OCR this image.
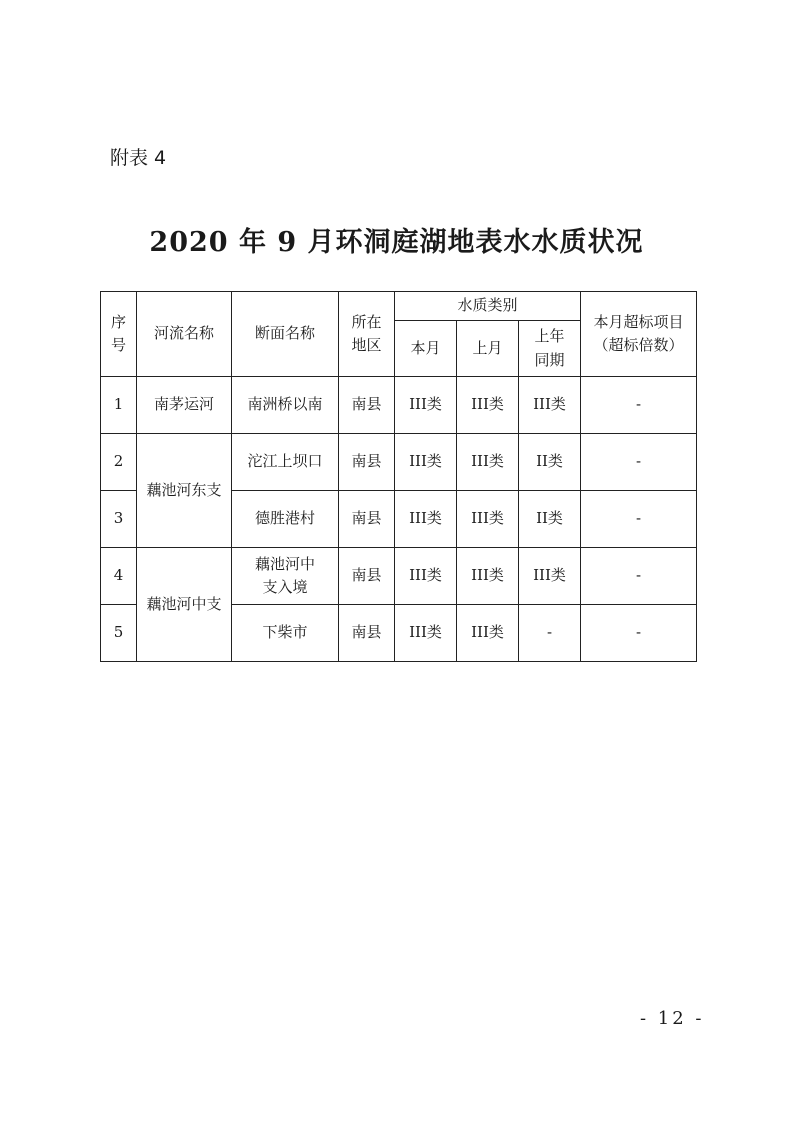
附表 4
2020 年 9 月环洞庭湖地表水水质状况
序号	河流名称	断面名称	所在地区	水质类别			本月超标项目（超标倍数）
				本月	上月	上年同期	
1	南茅运河	南洲桥以南	南县	III类	III类	III类	-
2	藕池河东支	沱江上坝口	南县	III类	III类	II类	-
3		德胜港村	南县	III类	III类	II类	-
4	藕池河中支	藕池河中支入境	南县	III类	III类	III类	-
5		下柴市	南县	III类	III类	-	-
- 12 -
